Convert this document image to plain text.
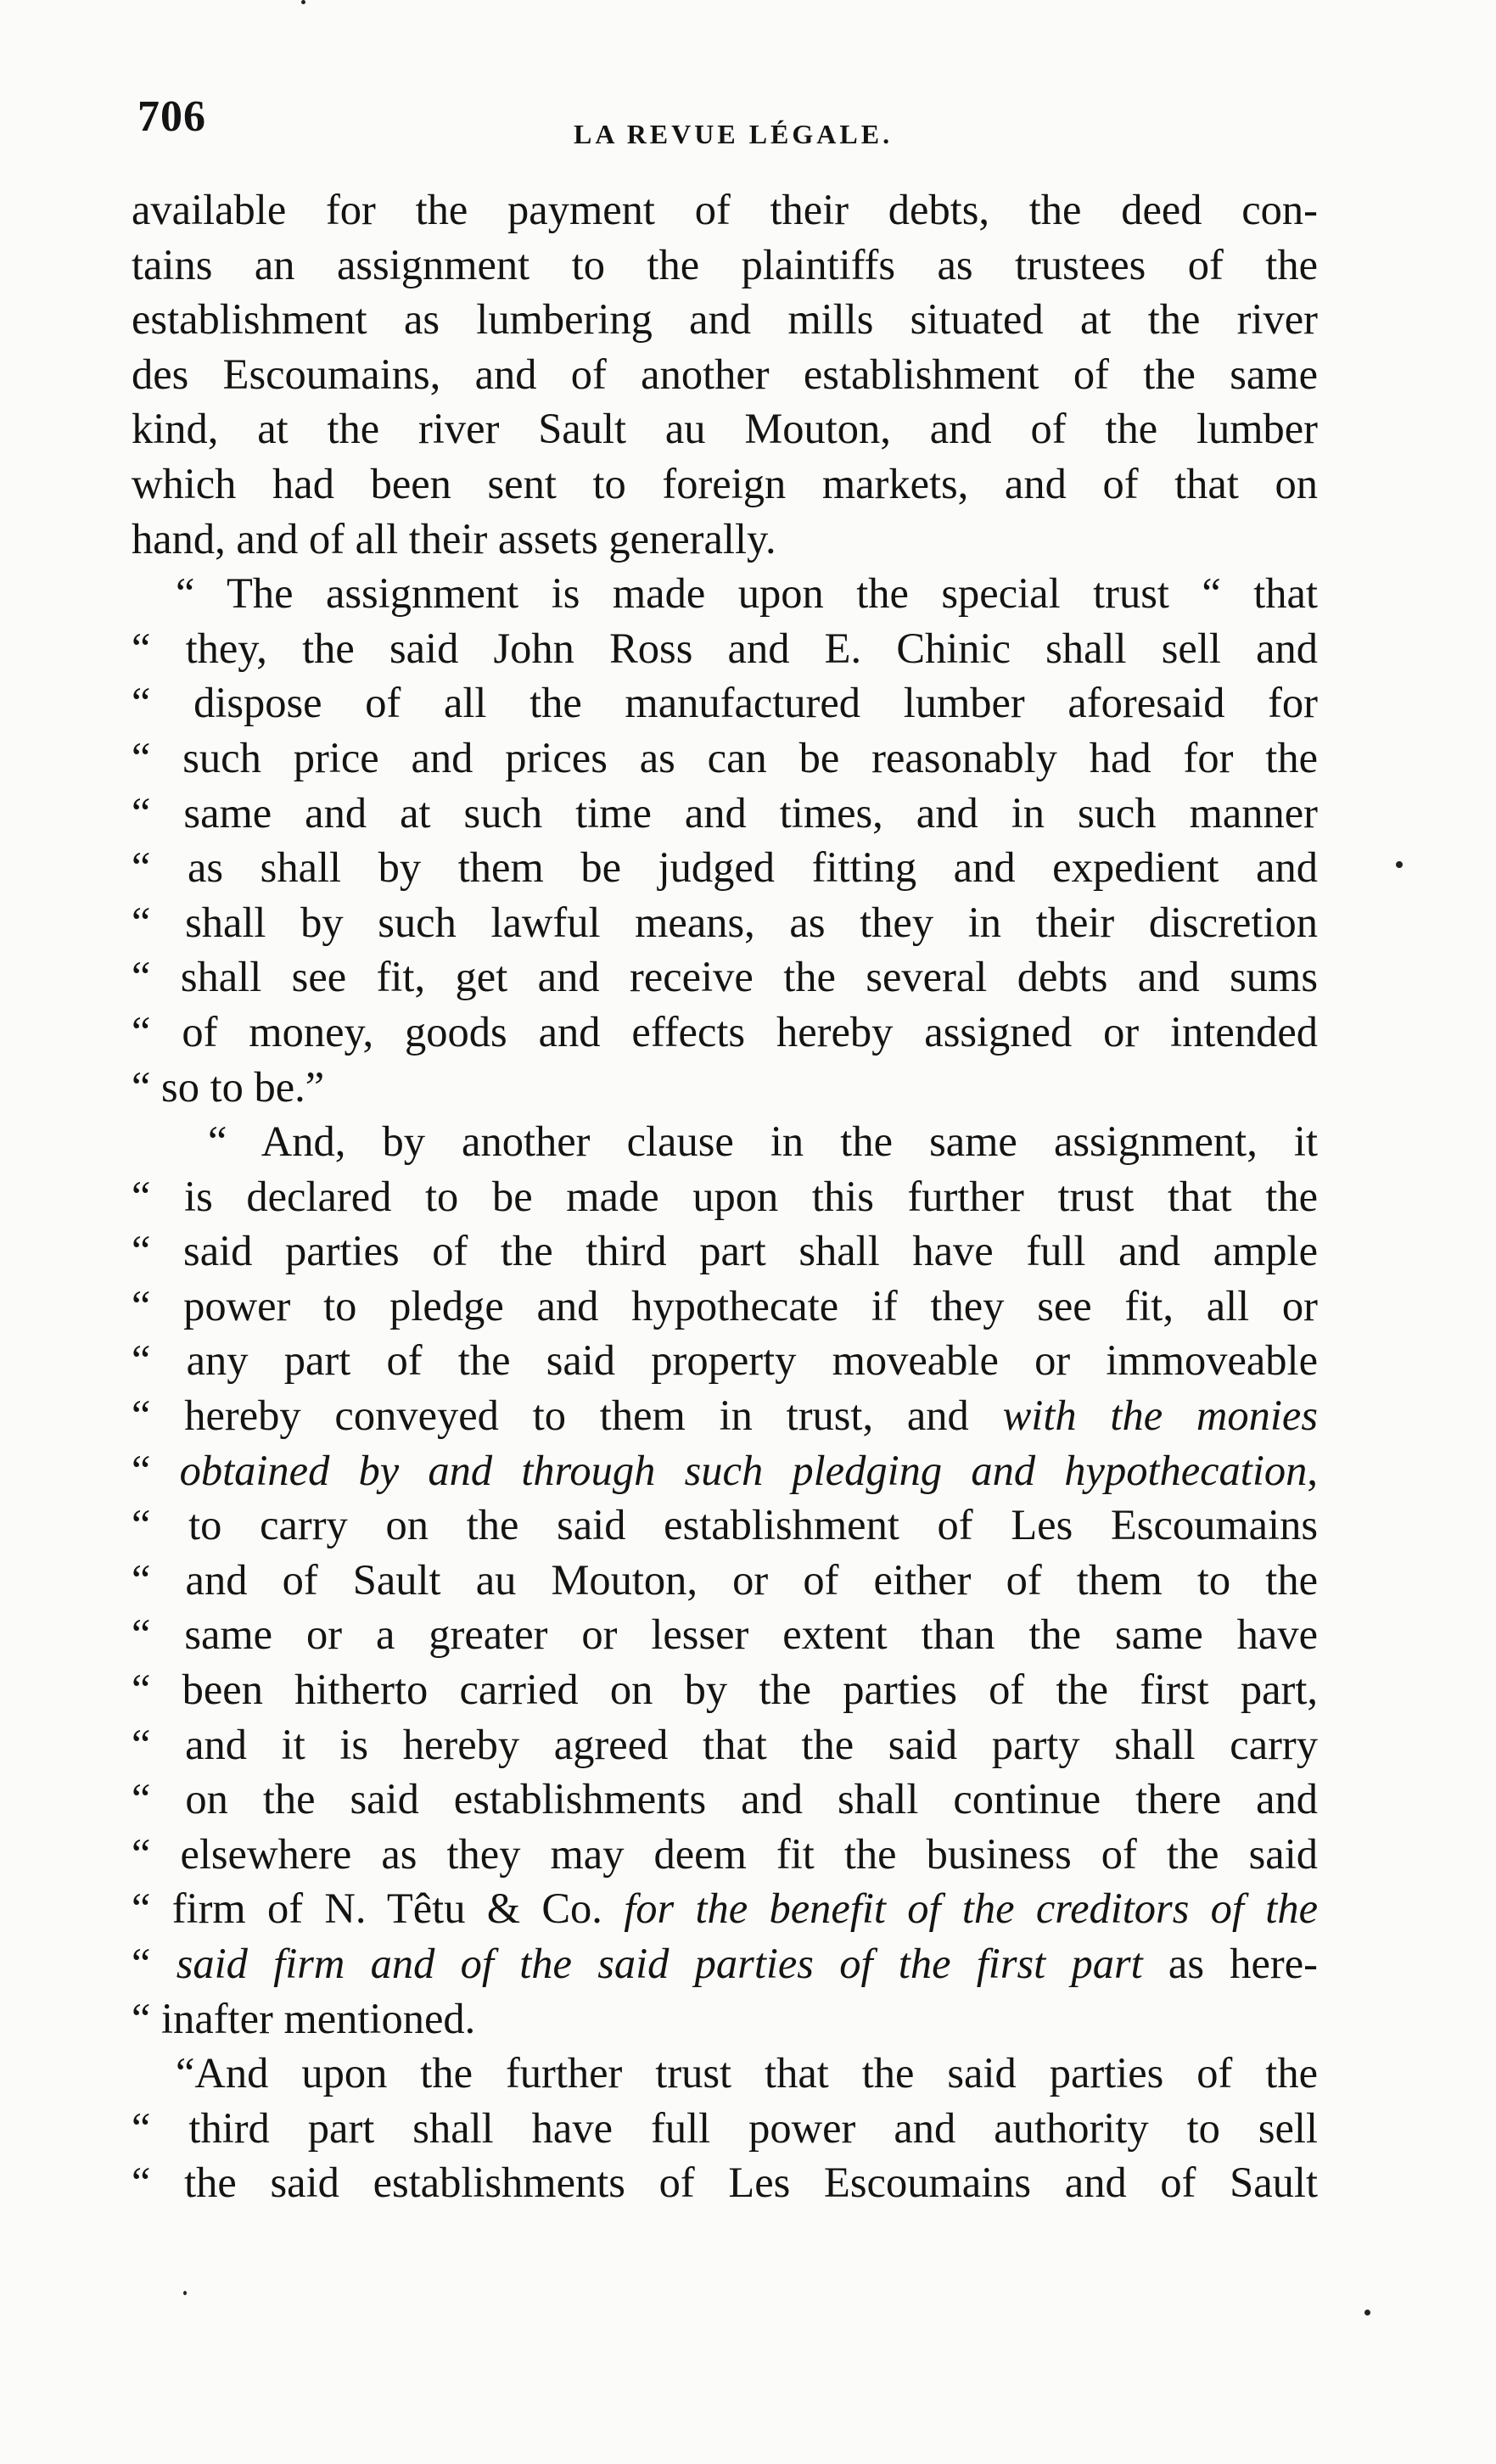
706	LA REVUE LÉGALE.
available for the payment of their debts, the deed con-
tains an assignment to the plaintiffs as trustees of the
establishment as lumbering and mills situated at the river
des Escoumains, and of another establishment of the same
kind, at the river Sault au Mouton, and of the lumber
which had been sent to foreign markets, and of that on
hand, and of all their assets generally.
“ The assignment is made upon the special trust “ that
“ they, the said John Ross and E. Chinic shall sell and
“ dispose of all the manufactured lumber aforesaid for
“ such price and prices as can be reasonably had for the
“ same and at such time and times, and in such manner
“ as shall by them be judged fitting and expedient and
“ shall by such lawful means, as they in their discretion
“ shall see fit, get and receive the several debts and sums
“ of money, goods and effects hereby assigned or intended
“ so to be.”
“ And, by another clause in the same assignment, it
“ is declared to be made upon this further trust that the
“ said parties of the third part shall have full and ample
“ power to pledge and hypothecate if they see fit, all or
“ any part of the said property moveable or immoveable
“ hereby conveyed to them in trust, and with the monies
“ obtained by and through such pledging and hypothecation,
“ to carry on the said establishment of Les Escoumains
“ and of Sault au Mouton, or of either of them to the
“ same or a greater or lesser extent than the same have
“ been hitherto carried on by the parties of the first part,
“ and it is hereby agreed that the said party shall carry
“ on the said establishments and shall continue there and
“ elsewhere as they may deem fit the business of the said
“ firm of N. Têtu & Co. for the benefit of the creditors of the
“ said firm and of the said parties of the first part as here-
“ inafter mentioned.
“And upon the further trust that the said parties of the
“ third part shall have full power and authority to sell
“ the said establishments of Les Escoumains and of Sault
